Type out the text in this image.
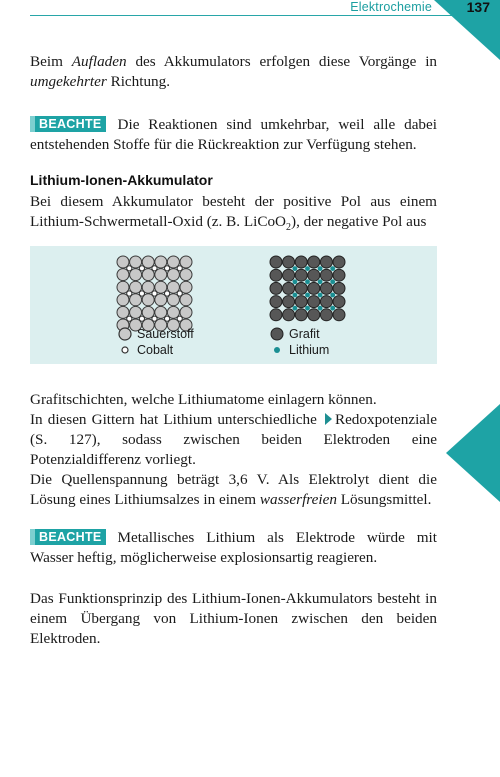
Elektrochemie 137
7

Beim Aufladen des Akkumulators erfolgen diese Vorgänge in umgekehrter Richtung.

BEACHTE Die Reaktionen sind umkehrbar, weil alle dabei entstehenden Stoffe für die Rückreaktion zur Verfügung stehen.

Lithium-Ionen-Akkumulator

Bei diesem Akkumulator besteht der positive Pol aus einem Lithium-Schwermetall-Oxid (z. B. LiCoO$_2$), der negative Pol aus

Sauerstoff
Cobalt
Grafit
Lithium

Grafitschichten, welche Lithiumatome einlagern können.

In diesen Gittern hat Lithium unterschiedliche Redoxpotenziale (S. 127), sodass zwischen beiden Elektroden eine Potenzialdifferenz vorliegt.

Die Quellenspannung beträgt 3,6 V. Als Elektrolyt dient die Lösung eines Lithiumsalzes in einem wasserfreien Lösungsmittel.

BEACHTE Metallisches Lithium als Elektrode würde mit Wasser heftig, möglicherweise explosionsartig reagieren.

Das Funktionsprinzip des Lithium-Ionen-Akkumulators besteht in einem Übergang von Lithium-Ionen zwischen den beiden Elektroden.
